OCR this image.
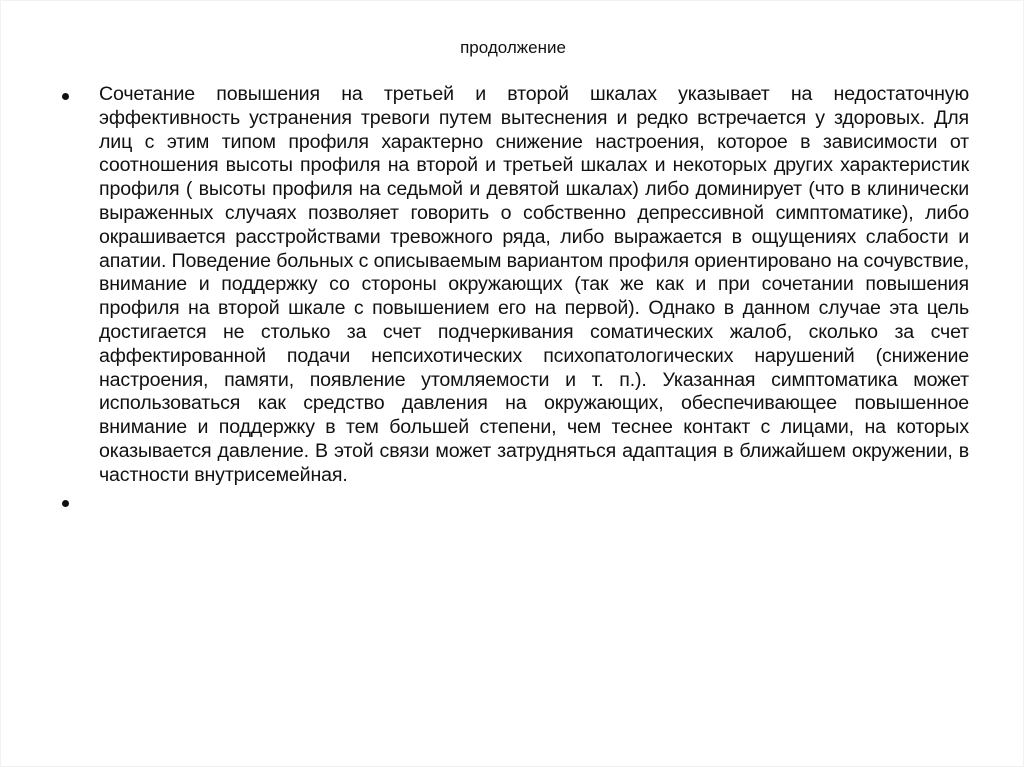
продолжение
Сочетание повышения на третьей и второй шкалах указывает на недостаточную эффективность устранения тревоги путем вытеснения и редко встречается у здоровых. Для лиц с этим типом профиля характерно снижение настроения, которое в зависимости от соотношения высоты профиля на второй и третьей шкалах и некоторых других характеристик профиля ( высоты профиля на седьмой и девятой шкалах) либо доминирует (что в клинически выраженных случаях позволяет говорить о собственно депрессивной симптоматике), либо окрашивается расстройствами тревожного ряда, либо выражается в ощущениях слабости и апатии. Поведение больных с описываемым вариантом профиля ориентировано на сочувствие, внимание и поддержку со стороны окружающих (так же как и при сочетании повышения профиля на второй шкале с повышением его на первой). Однако в данном случае эта цель достигается не столько за счет подчеркивания соматических жалоб, сколько за счет аффектированной подачи непсихотических психопатологических нарушений (снижение настроения, памяти, появление утомляемости и т. п.). Указанная симптоматика может использоваться как средство давления на окружающих, обеспечивающее повышенное внимание и поддержку в тем большей степени, чем теснее контакт с лицами, на которых оказывается давление. В этой связи может затрудняться адаптация в ближайшем окружении, в частности внутрисемейная.
